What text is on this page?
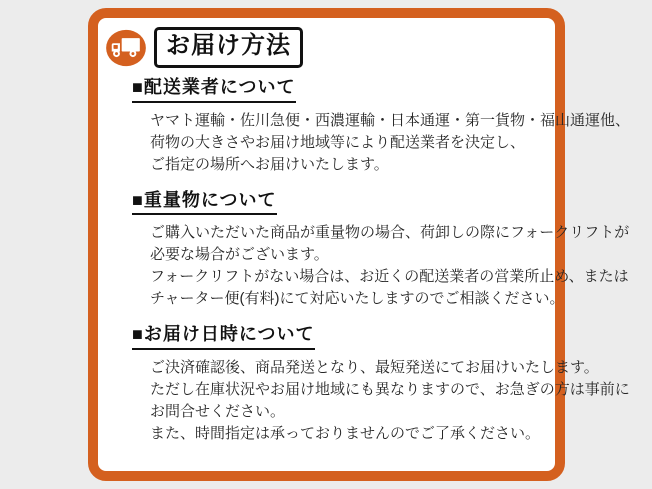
お届け方法
■配送業者について
ヤマト運輸・佐川急便・西濃運輸・日本通運・第一貨物・福山通運他、
荷物の大きさやお届け地域等により配送業者を決定し、
ご指定の場所へお届けいたします。
■重量物について
ご購入いただいた商品が重量物の場合、荷卸しの際にフォークリフトが
必要な場合がございます。
フォークリフトがない場合は、お近くの配送業者の営業所止め、または
チャーター便(有料)にて対応いたしますのでご相談ください。
■お届け日時について
ご決済確認後、商品発送となり、最短発送にてお届けいたします。
ただし在庫状況やお届け地域にも異なりますので、お急ぎの方は事前に
お問合せください。
また、時間指定は承っておりませんのでご了承ください。
